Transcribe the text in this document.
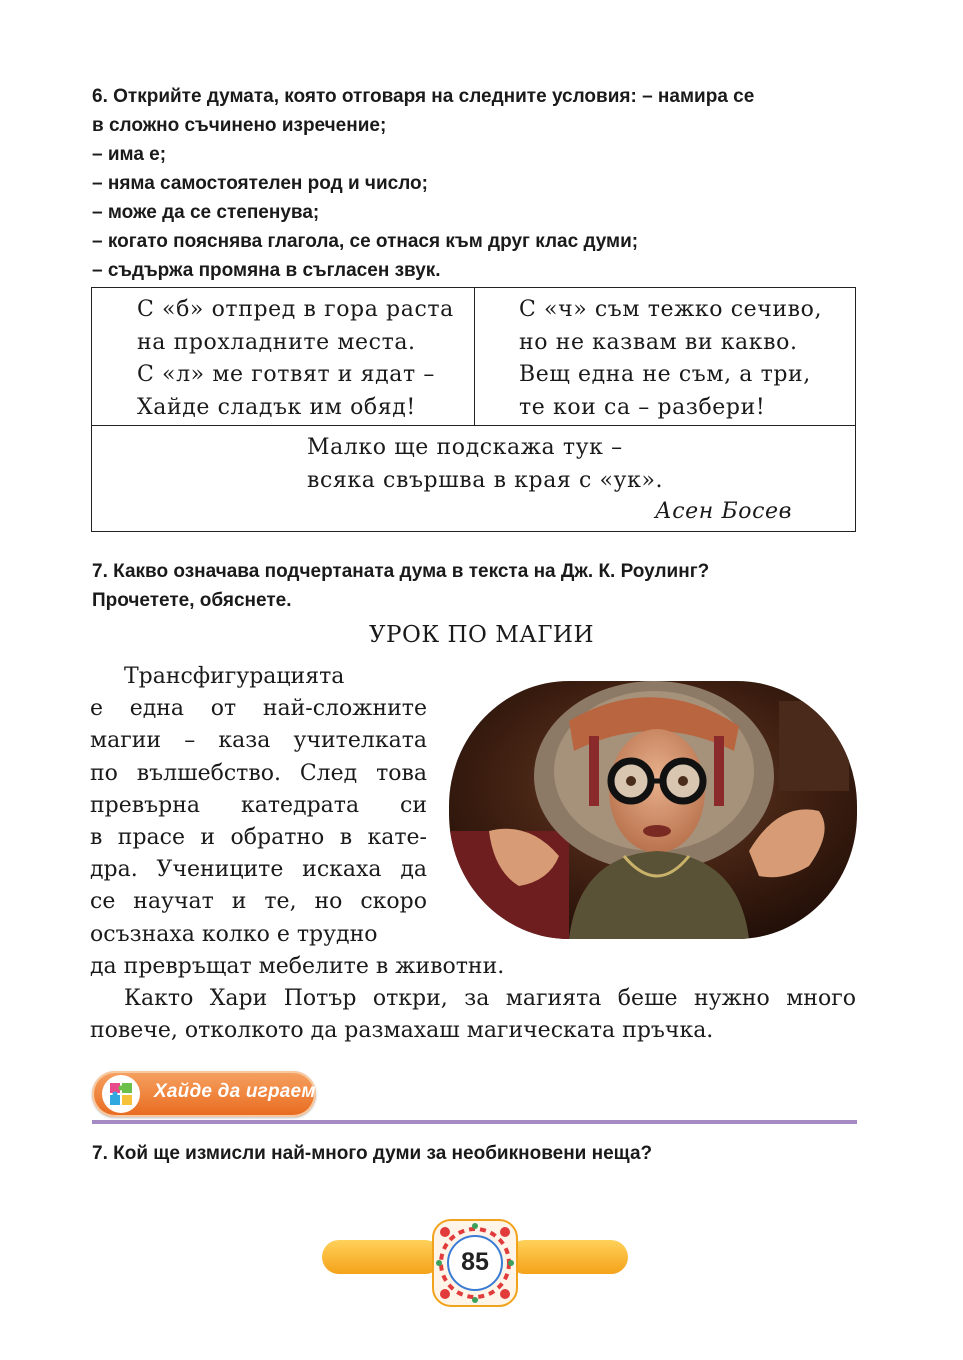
6. Открийте думата, която отговаря на следните условия: – намира се

в сложно съчинено изречение;

– има е;

– няма самостоятелен род и число;

– може да се степенува;

– когато пояснява глагола, се отнася към друг клас думи;

– съдържа промяна в съгласен звук.

С «б» отпред в гора раста
на прохладните места.
С «л» ме готвят и ядат –
Хайде сладък им обяд!
С «ч» съм тежко сечиво,
но не казвам ви какво.
Вещ една не съм, а три,
те кои са – разбери!
Малко ще подскажа тук –
всяка свършва в края с «ук».
Асен Босев

7. Какво означава подчертаната дума в текста на Дж. К. Роулинг?

Прочетете, обяснете.

УРОК ПО МАГИИ
Трансфигурацията
е една от най-сложните
магии – каза учителката
по вълшебство. След това
превърна катедрата си
в прасе и обратно в кате-
дра. Учениците искаха да
се научат и те, но скоро
осъзнаха колко е трудно
да превръщат мебелите в животни.
Както Хари Потър откри, за магията беше нужно много
повече, отколкото да размахаш магическата пръчка.
Хайде да играем
7. Кой ще измисли най-много думи за необикновени неща?
85
